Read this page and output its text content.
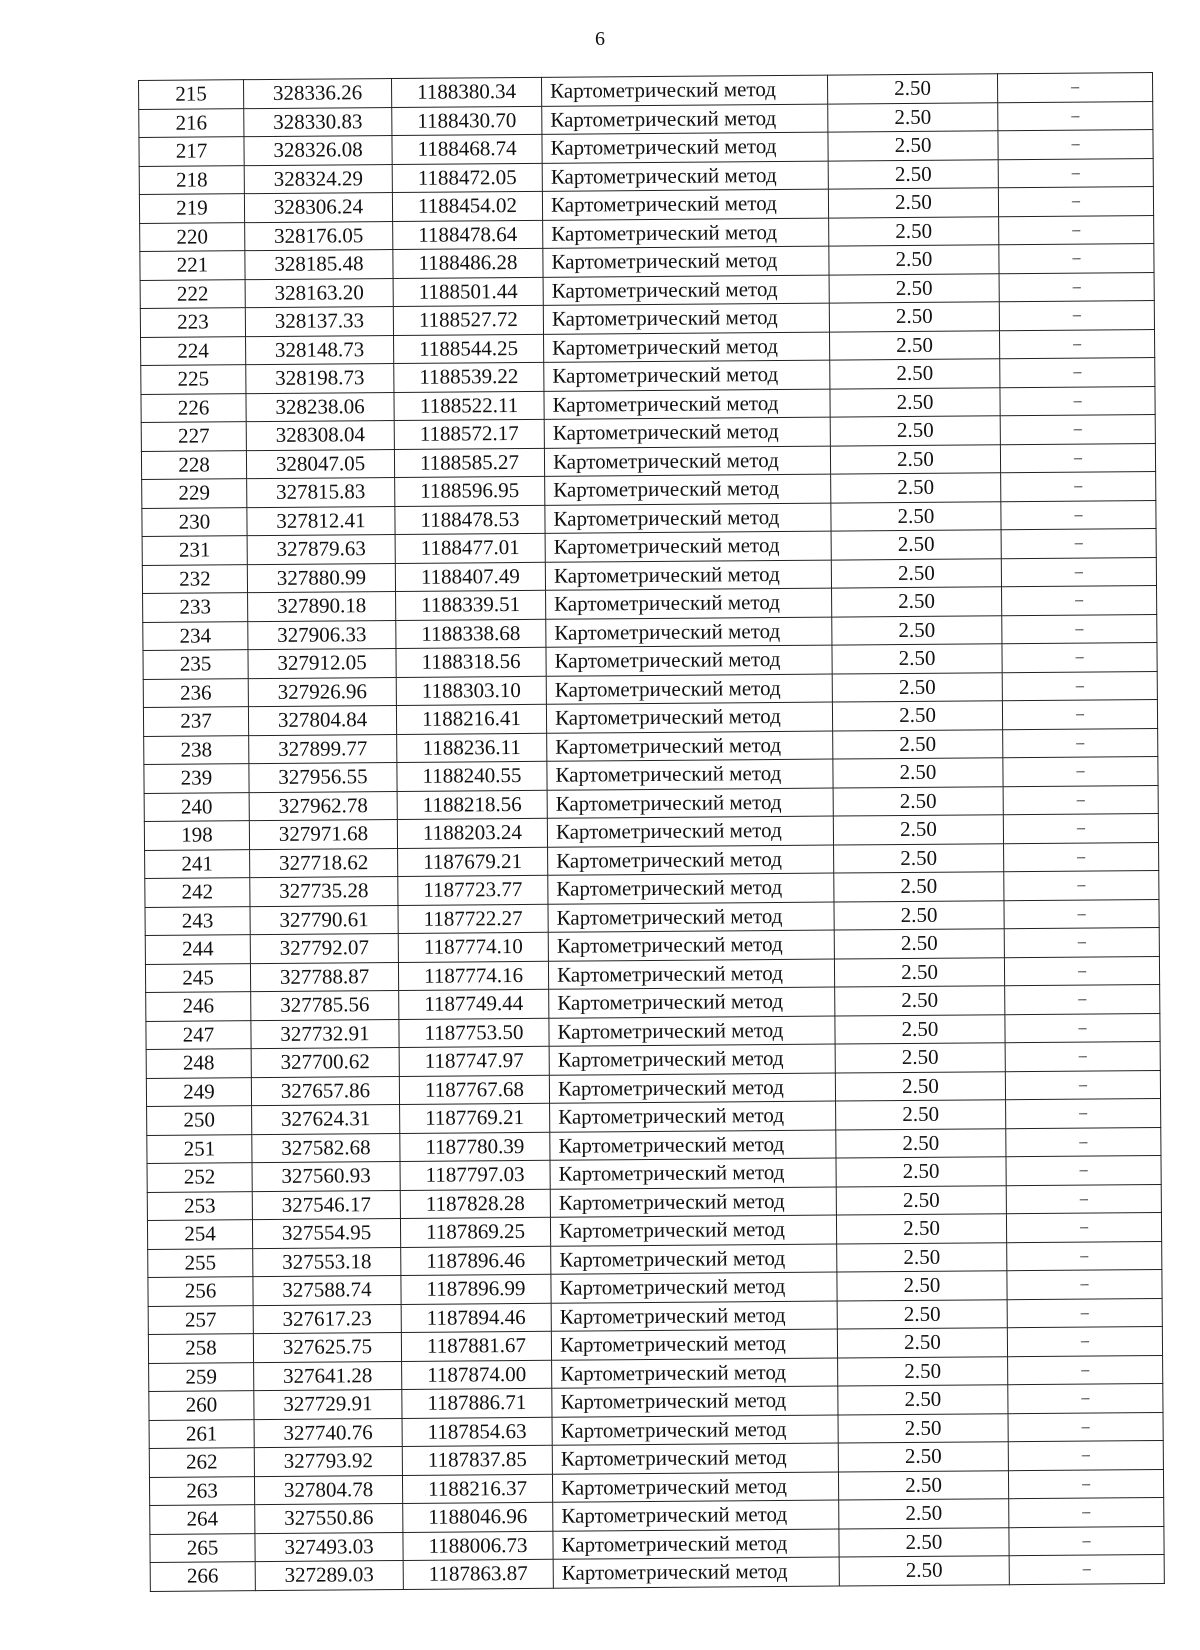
6
215	328336.26	1188380.34	Картометрический метод	2.50	–
216	328330.83	1188430.70	Картометрический метод	2.50	–
217	328326.08	1188468.74	Картометрический метод	2.50	–
218	328324.29	1188472.05	Картометрический метод	2.50	–
219	328306.24	1188454.02	Картометрический метод	2.50	–
220	328176.05	1188478.64	Картометрический метод	2.50	–
221	328185.48	1188486.28	Картометрический метод	2.50	–
222	328163.20	1188501.44	Картометрический метод	2.50	–
223	328137.33	1188527.72	Картометрический метод	2.50	–
224	328148.73	1188544.25	Картометрический метод	2.50	–
225	328198.73	1188539.22	Картометрический метод	2.50	–
226	328238.06	1188522.11	Картометрический метод	2.50	–
227	328308.04	1188572.17	Картометрический метод	2.50	–
228	328047.05	1188585.27	Картометрический метод	2.50	–
229	327815.83	1188596.95	Картометрический метод	2.50	–
230	327812.41	1188478.53	Картометрический метод	2.50	–
231	327879.63	1188477.01	Картометрический метод	2.50	–
232	327880.99	1188407.49	Картометрический метод	2.50	–
233	327890.18	1188339.51	Картометрический метод	2.50	–
234	327906.33	1188338.68	Картометрический метод	2.50	–
235	327912.05	1188318.56	Картометрический метод	2.50	–
236	327926.96	1188303.10	Картометрический метод	2.50	–
237	327804.84	1188216.41	Картометрический метод	2.50	–
238	327899.77	1188236.11	Картометрический метод	2.50	–
239	327956.55	1188240.55	Картометрический метод	2.50	–
240	327962.78	1188218.56	Картометрический метод	2.50	–
198	327971.68	1188203.24	Картометрический метод	2.50	–
241	327718.62	1187679.21	Картометрический метод	2.50	–
242	327735.28	1187723.77	Картометрический метод	2.50	–
243	327790.61	1187722.27	Картометрический метод	2.50	–
244	327792.07	1187774.10	Картометрический метод	2.50	–
245	327788.87	1187774.16	Картометрический метод	2.50	–
246	327785.56	1187749.44	Картометрический метод	2.50	–
247	327732.91	1187753.50	Картометрический метод	2.50	–
248	327700.62	1187747.97	Картометрический метод	2.50	–
249	327657.86	1187767.68	Картометрический метод	2.50	–
250	327624.31	1187769.21	Картометрический метод	2.50	–
251	327582.68	1187780.39	Картометрический метод	2.50	–
252	327560.93	1187797.03	Картометрический метод	2.50	–
253	327546.17	1187828.28	Картометрический метод	2.50	–
254	327554.95	1187869.25	Картометрический метод	2.50	–
255	327553.18	1187896.46	Картометрический метод	2.50	–
256	327588.74	1187896.99	Картометрический метод	2.50	–
257	327617.23	1187894.46	Картометрический метод	2.50	–
258	327625.75	1187881.67	Картометрический метод	2.50	–
259	327641.28	1187874.00	Картометрический метод	2.50	–
260	327729.91	1187886.71	Картометрический метод	2.50	–
261	327740.76	1187854.63	Картометрический метод	2.50	–
262	327793.92	1187837.85	Картометрический метод	2.50	–
263	327804.78	1188216.37	Картометрический метод	2.50	–
264	327550.86	1188046.96	Картометрический метод	2.50	–
265	327493.03	1188006.73	Картометрический метод	2.50	–
266	327289.03	1187863.87	Картометрический метод	2.50	–
